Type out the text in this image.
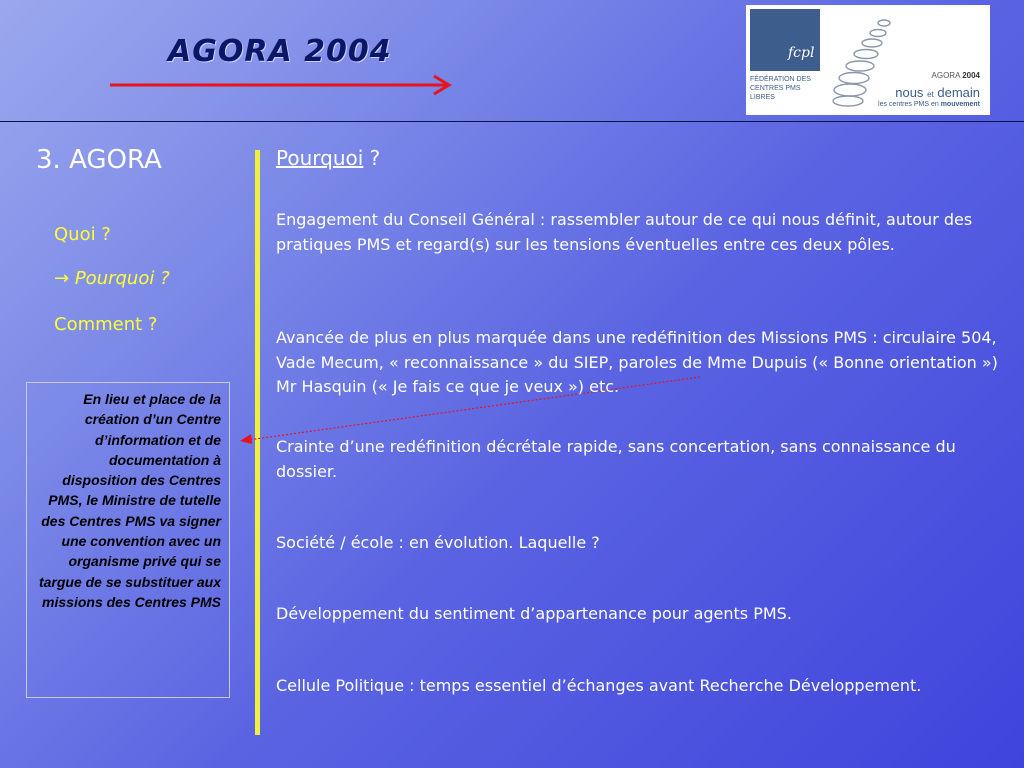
AGORA 2004	fcpl
FÉDÉRATION DES
CENTRES PMS LIBRES
AGORA 2004
nous et demain
les centres PMS en mouvement
3. AGORA
Quoi ?
→ Pourquoi ?
Comment ?
En lieu et place de la création d’un Centre d’information et de documentation à disposition des Centres PMS, le Ministre de tutelle des Centres PMS va signer une convention avec un organisme privé qui se targue de se substituer aux missions des Centres PMS
Pourquoi ?
Engagement du Conseil Général : rassembler autour de ce qui nous définit, autour des pratiques PMS et regard(s) sur les tensions éventuelles entre ces deux pôles.
Avancée de plus en plus marquée dans une redéfinition des Missions PMS : circulaire 504, Vade Mecum, « reconnaissance » du SIEP, paroles de Mme Dupuis (« Bonne orientation ») Mr Hasquin (« Je fais ce que je veux ») etc.
Crainte d’une redéfinition décrétale rapide, sans concertation, sans connaissance du dossier.
Société / école : en évolution. Laquelle ?
Développement du sentiment d’appartenance pour agents PMS.
Cellule Politique : temps essentiel d’échanges avant Recherche Développement.
